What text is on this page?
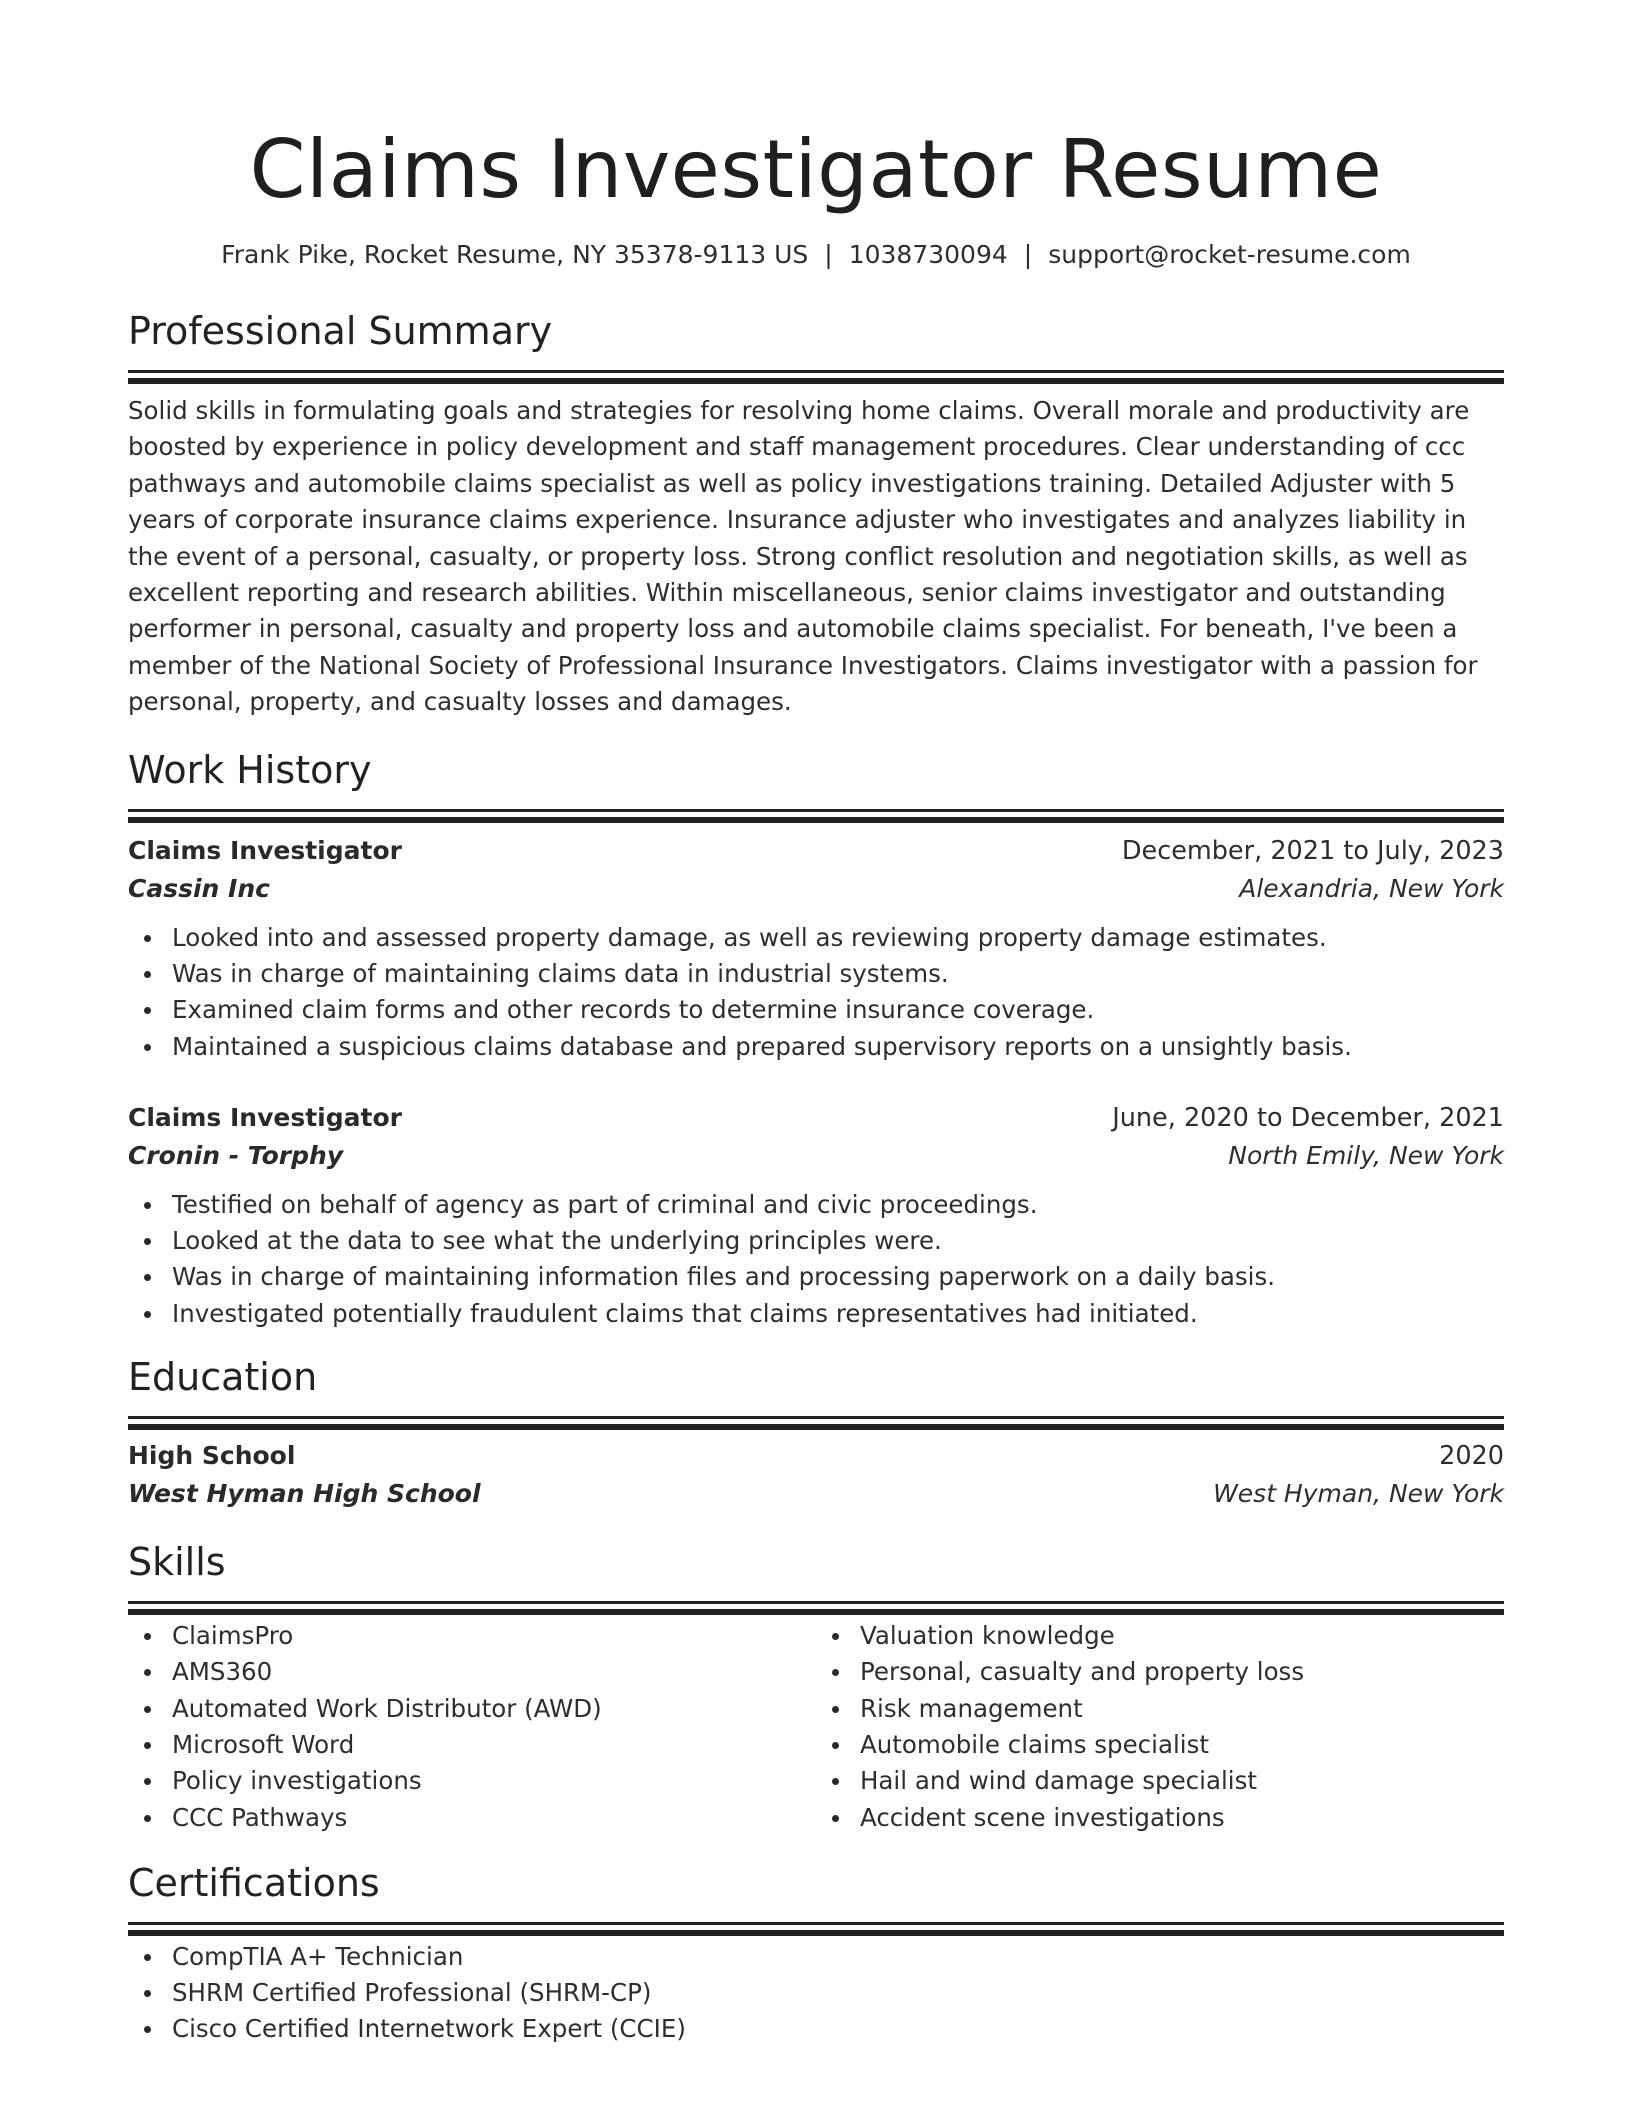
Claims Investigator Resume
Frank Pike, Rocket Resume, NY 35378-9113 US | 1038730094 | support@rocket-resume.com
Professional Summary

Solid skills in formulating goals and strategies for resolving home claims. Overall morale and productivity are boosted by experience in policy development and staff management procedures. Clear understanding of ccc pathways and automobile claims specialist as well as policy investigations training. Detailed Adjuster with 5 years of corporate insurance claims experience. Insurance adjuster who investigates and analyzes liability in the event of a personal, casualty, or property loss. Strong conflict resolution and negotiation skills, as well as excellent reporting and research abilities. Within miscellaneous, senior claims investigator and outstanding performer in personal, casualty and property loss and automobile claims specialist. For beneath, I've been a member of the National Society of Professional Insurance Investigators. Claims investigator with a passion for personal, property, and casualty losses and damages.

Work History
Claims Investigator	December, 2021 to July, 2023
Cassin Inc	Alexandria, New York
Looked into and assessed property damage, as well as reviewing property damage estimates.
Was in charge of maintaining claims data in industrial systems.
Examined claim forms and other records to determine insurance coverage.
Maintained a suspicious claims database and prepared supervisory reports on a unsightly basis.
Claims Investigator	June, 2020 to December, 2021
Cronin - Torphy	North Emily, New York
Testified on behalf of agency as part of criminal and civic proceedings.
Looked at the data to see what the underlying principles were.
Was in charge of maintaining information files and processing paperwork on a daily basis.
Investigated potentially fraudulent claims that claims representatives had initiated.
Education
High School	2020
West Hyman High School	West Hyman, New York
Skills
ClaimsPro
AMS360
Automated Work Distributor (AWD)
Microsoft Word
Policy investigations
CCC Pathways
Valuation knowledge
Personal, casualty and property loss
Risk management
Automobile claims specialist
Hail and wind damage specialist
Accident scene investigations
Certifications
CompTIA A+ Technician
SHRM Certified Professional (SHRM-CP)
Cisco Certified Internetwork Expert (CCIE)
